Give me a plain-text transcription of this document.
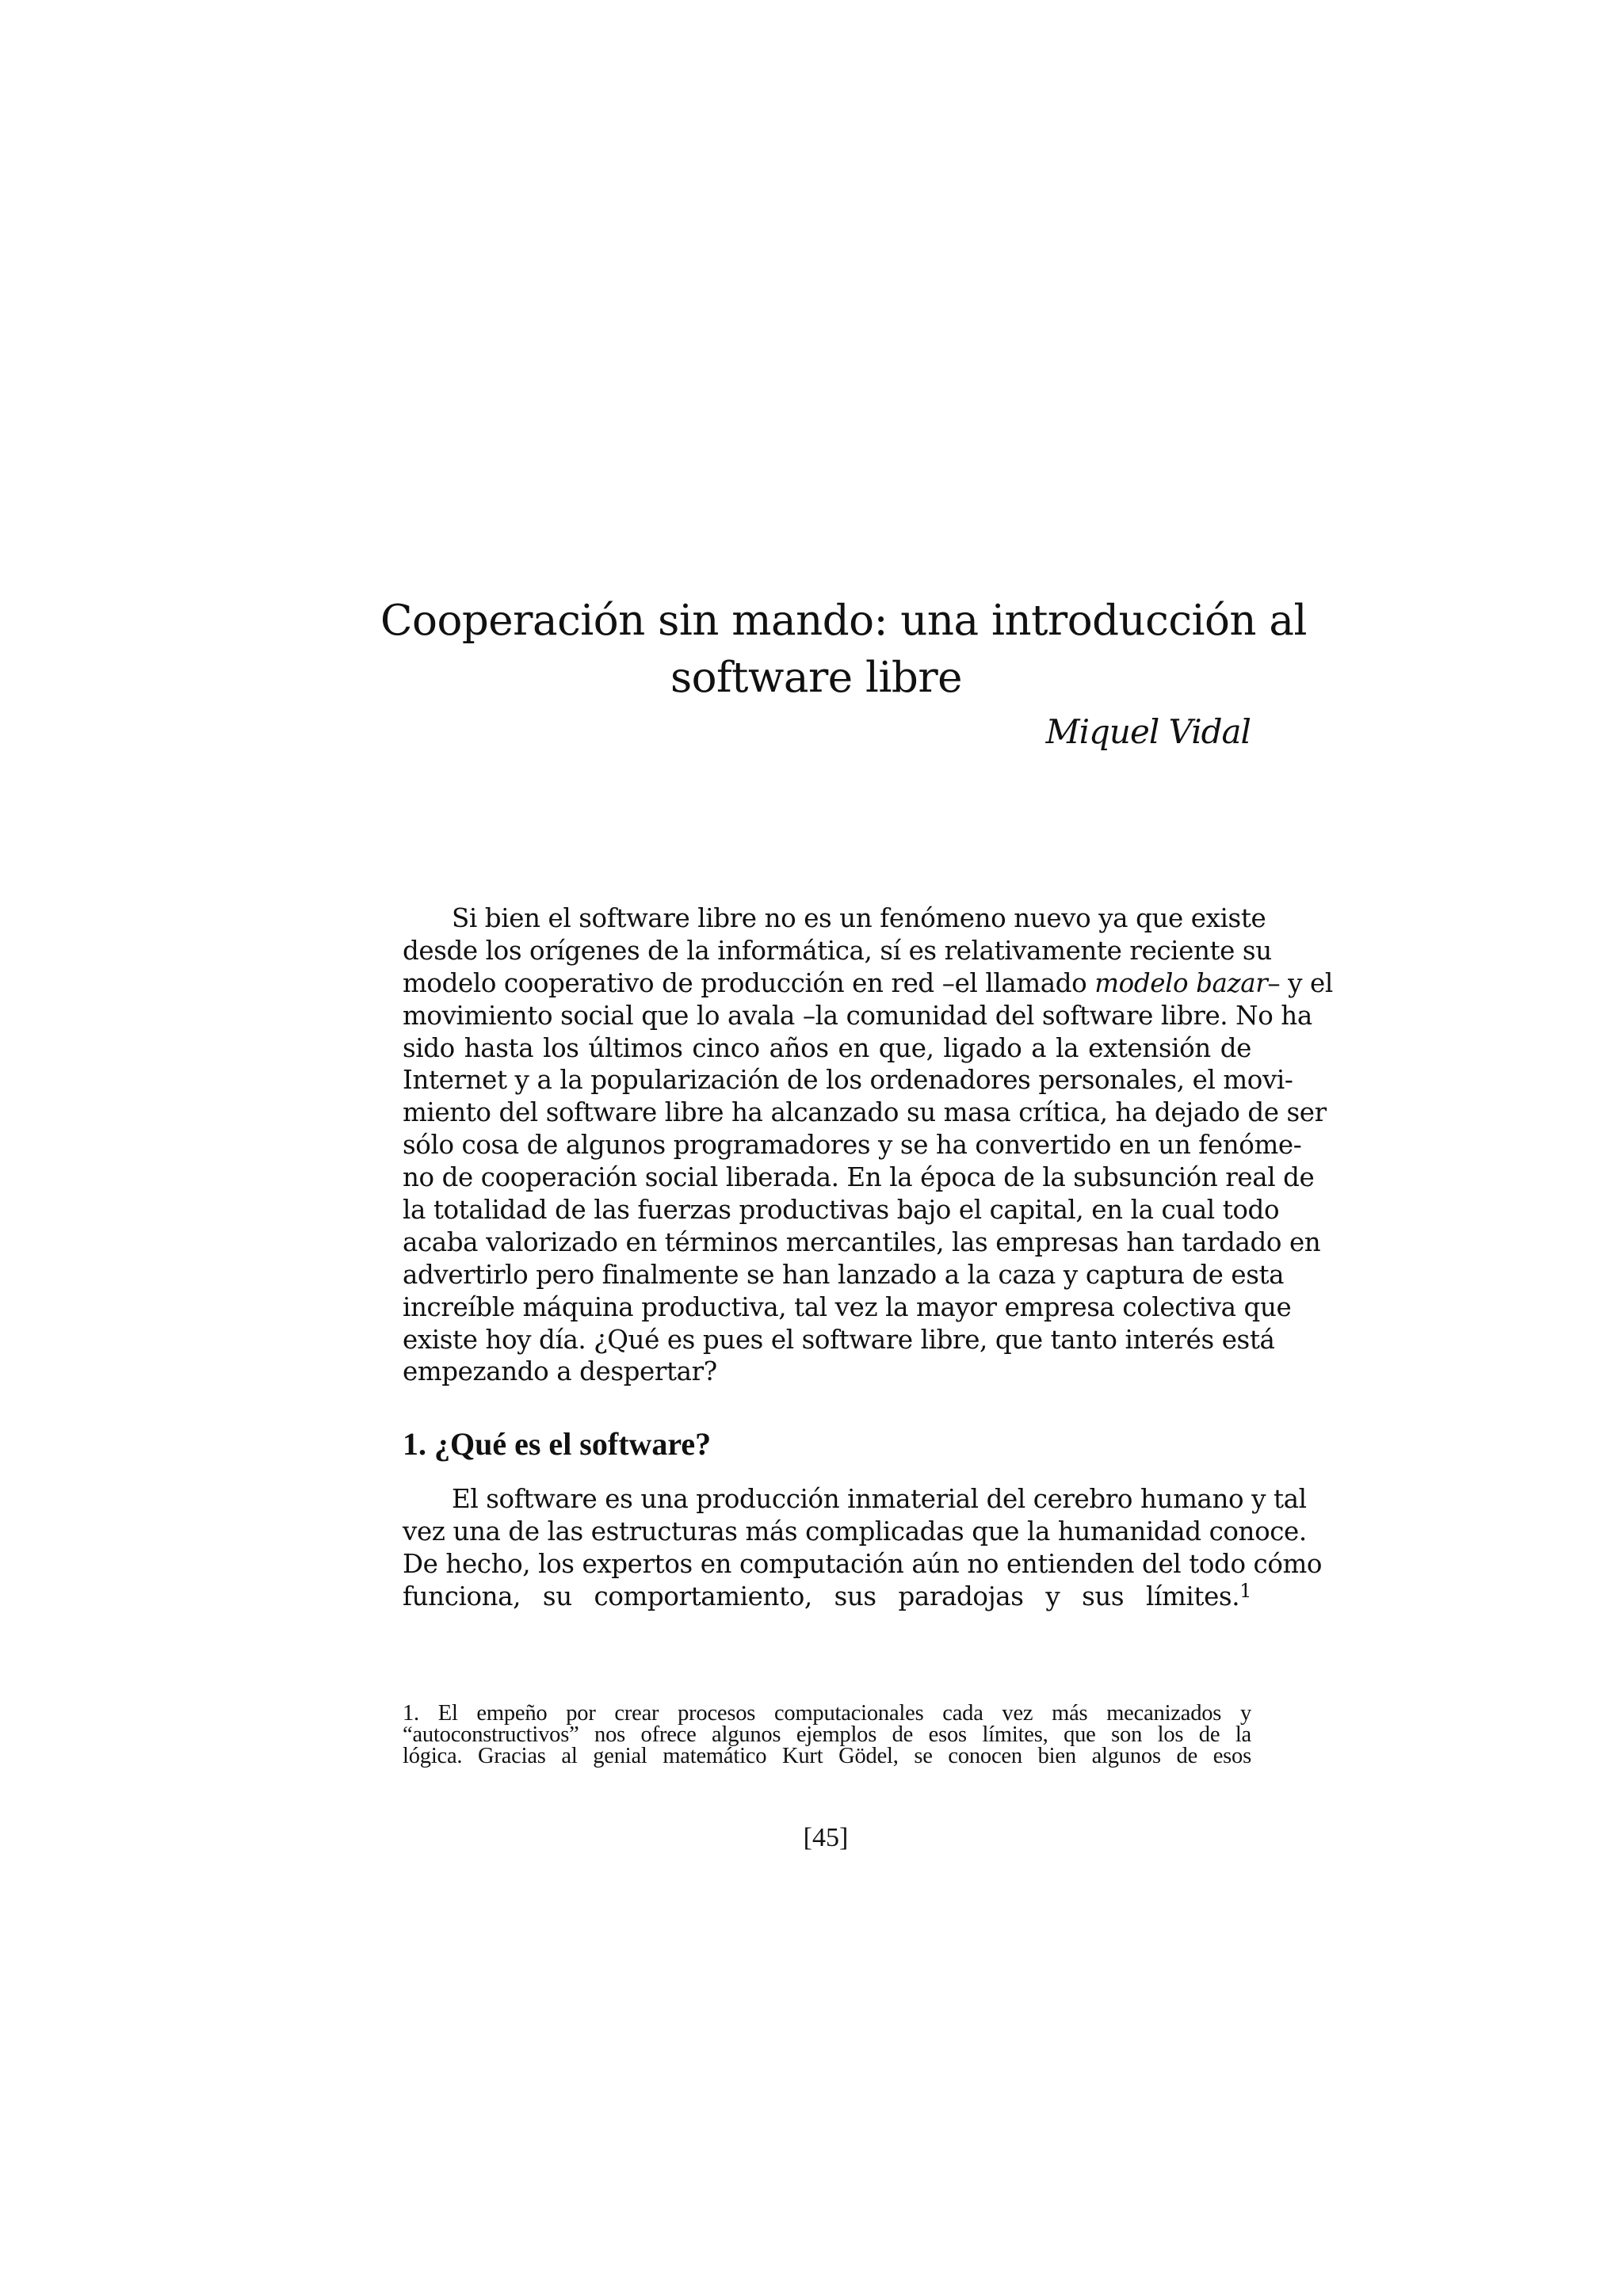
Cooperación sin mando: una introducción al
software libre
Miquel Vidal
Si bien el software libre no es un fenómeno nuevo ya que existe
desde los orígenes de la informática, sí es relativamente reciente su
modelo cooperativo de producción en red –el llamado modelo bazar– y el
movimiento social que lo avala –la comunidad del software libre. No ha
sido hasta los últimos cinco años en que, ligado a la extensión de
Internet y a la popularización de los ordenadores personales, el movi-
miento del software libre ha alcanzado su masa crítica, ha dejado de ser
sólo cosa de algunos programadores y se ha convertido en un fenóme-
no de cooperación social liberada. En la época de la subsunción real de
la totalidad de las fuerzas productivas bajo el capital, en la cual todo
acaba valorizado en términos mercantiles, las empresas han tardado en
advertirlo pero finalmente se han lanzado a la caza y captura de esta
increíble máquina productiva, tal vez la mayor empresa colectiva que
existe hoy día. ¿Qué es pues el software libre, que tanto interés está
empezando a despertar?
1. ¿Qué es el software?
El software es una producción inmaterial del cerebro humano y tal
vez una de las estructuras más complicadas que la humanidad conoce.
De hecho, los expertos en computación aún no entienden del todo cómo
funciona, su comportamiento, sus paradojas y sus límites.$^1$
1. El empeño por crear procesos computacionales cada vez más mecanizados y
“autoconstructivos” nos ofrece algunos ejemplos de esos límites, que son los de la
lógica. Gracias al genial matemático Kurt Gödel, se conocen bien algunos de esos
[45]
